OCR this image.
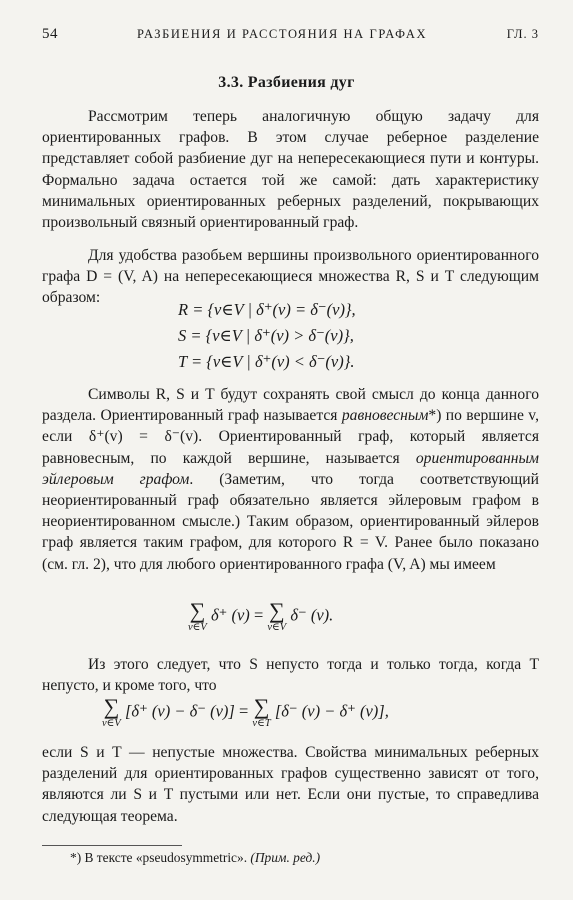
54	РАЗБИЕНИЯ И РАССТОЯНИЯ НА ГРАФАХ	ГЛ. 3
3.3. Разбиения дуг
Рассмотрим теперь аналогичную общую задачу для ориентированных графов. В этом случае реберное разделение представляет собой разбиение дуг на непересекающиеся пути и контуры. Формально задача остается той же самой: дать характеристику минимальных ориентированных реберных разделений, покрывающих произвольный связный ориентированный граф.
Для удобства разобьем вершины произвольного ориентированного графа D = (V, A) на непересекающиеся множества R, S и T следующим образом:
R = {v∈V | δ⁺(v) = δ⁻(v)},
S = {v∈V | δ⁺(v) > δ⁻(v)},
T = {v∈V | δ⁺(v) < δ⁻(v)}.
Символы R, S и T будут сохранять свой смысл до конца данного раздела. Ориентированный граф называется равновесным*) по вершине v, если δ⁺(v) = δ⁻(v). Ориентированный граф, который является равновесным, по каждой вершине, называется ориентированным эйлеровым графом. (Заметим, что тогда соответствующий неориентированный граф обязательно является эйлеровым графом в неориентированном смысле.) Таким образом, ориентированный эйлеров граф является таким графом, для которого R = V. Ранее было показано (см. гл. 2), что для любого ориентированного графа (V, A) мы имеем
∑
v∈V
δ⁺ (v) = ∑
v∈V
δ⁻ (v).
Из этого следует, что S непусто тогда и только тогда, когда T непусто, и кроме того, что
∑
v∈V
[δ⁺ (v) − δ⁻ (v)] = ∑
v∈T
[δ⁻ (v) − δ⁺ (v)],
если S и T — непустые множества. Свойства минимальных реберных разделений для ориентированных графов существенно зависят от того, являются ли S и T пустыми или нет. Если они пустые, то справедлива следующая теорема.
*) В тексте «pseudosymmetric». (Прим. ред.)
